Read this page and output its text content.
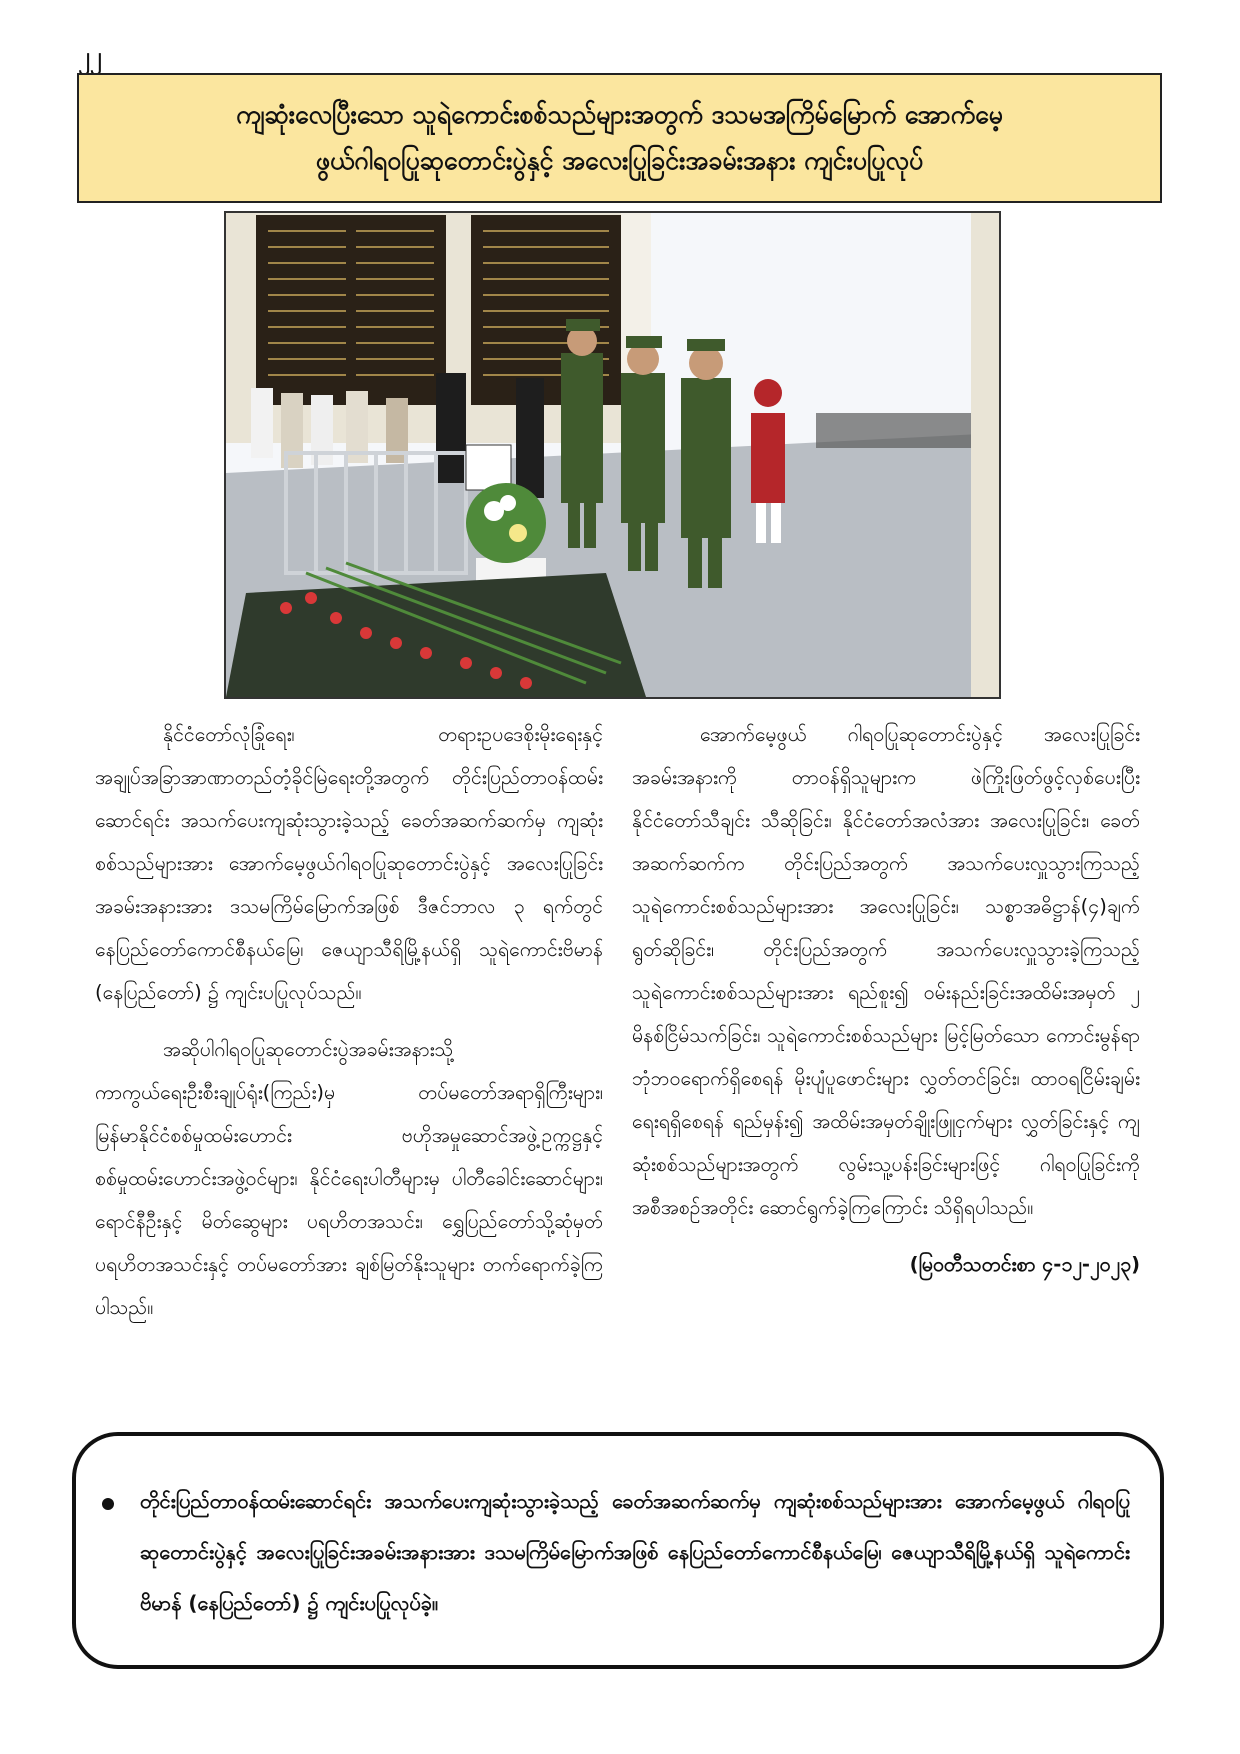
၂၂
ကျဆုံးလေပြီးသော သူရဲကောင်းစစ်သည်များအတွက် ဒသမအကြိမ်မြောက် အောက်မေ့
ဖွယ်ဂါရဝပြုဆုတောင်းပွဲနှင့် အလေးပြုခြင်းအခမ်းအနား ကျင်းပပြုလုပ်

နိုင်ငံတော်လုံခြုံရေး၊ တရားဥပဒေစိုးမိုးရေးနှင့် အချုပ်အခြာအာဏာတည်တံ့ခိုင်မြဲရေးတို့အတွက် တိုင်းပြည်တာဝန်ထမ်းဆောင်ရင်း အသက်ပေးကျဆုံးသွားခဲ့သည့် ခေတ်အဆက်ဆက်မှ ကျဆုံးစစ်သည်များအား အောက်မေ့ဖွယ်ဂါရဝပြုဆုတောင်းပွဲနှင့် အလေးပြုခြင်းအခမ်းအနားအား ဒသမကြိမ်မြောက်အဖြစ် ဒီဇင်ဘာလ ၃ ရက်တွင် နေပြည်တော်ကောင်စီနယ်မြေ၊ ဇေယျာသီရိမြို့နယ်ရှိ သူရဲကောင်းဗိမာန် (နေပြည်တော်) ၌ ကျင်းပပြုလုပ်သည်။

အဆိုပါဂါရဝပြုဆုတောင်းပွဲအခမ်းအနားသို့ ကာကွယ်ရေးဦးစီးချုပ်ရုံး(ကြည်း)မှ တပ်မတော်အရာရှိကြီးများ၊ မြန်မာနိုင်ငံစစ်မှုထမ်းဟောင်း ဗဟိုအမှုဆောင်အဖွဲ့ဥက္ကဋ္ဌနှင့် စစ်မှုထမ်းဟောင်းအဖွဲ့ဝင်များ၊ နိုင်ငံရေးပါတီများမှ ပါတီခေါင်းဆောင်များ၊ ရောင်နီဦးနှင့် မိတ်ဆွေများ ပရဟိတအသင်း၊ ရွှေပြည်တော်သို့ဆုံမှတ်ပရဟိတအသင်းနှင့် တပ်မတော်အား ချစ်မြတ်နိုးသူများ တက်ရောက်ခဲ့ကြပါသည်။

အောက်မေ့ဖွယ် ဂါရဝပြုဆုတောင်းပွဲနှင့် အလေးပြုခြင်းအခမ်းအနားကို တာဝန်ရှိသူများက ဖဲကြိုးဖြတ်ဖွင့်လှစ်ပေးပြီး နိုင်ငံတော်သီချင်း သီဆိုခြင်း၊ နိုင်ငံတော်အလံအား အလေးပြုခြင်း၊ ခေတ်အဆက်ဆက်က တိုင်းပြည်အတွက် အသက်ပေးလှူသွားကြသည့် သူရဲကောင်းစစ်သည်များအား အလေးပြုခြင်း၊ သစ္စာအဓိဋ္ဌာန်(၄)ချက်ရွတ်ဆိုခြင်း၊ တိုင်းပြည်အတွက် အသက်ပေးလှူသွားခဲ့ကြသည့် သူရဲကောင်းစစ်သည်များအား ရည်စူး၍ ဝမ်းနည်းခြင်းအထိမ်းအမှတ် ၂ မိနစ်ငြိမ်သက်ခြင်း၊ သူရဲကောင်းစစ်သည်များ မြင့်မြတ်သော ကောင်းမွန်ရာဘုံဘဝရောက်ရှိစေရန် မိုးပျံပူဖောင်းများ လွှတ်တင်ခြင်း၊ ထာဝရငြိမ်းချမ်းရေးရရှိစေရန် ရည်မှန်း၍ အထိမ်းအမှတ်ချိုးဖြူငှက်များ လွှတ်ခြင်းနှင့် ကျဆုံးစစ်သည်များအတွက် လွမ်းသူ့ပန်းခြင်းများဖြင့် ဂါရဝပြုခြင်းကို အစီအစဉ်အတိုင်း ဆောင်ရွက်ခဲ့ကြကြောင်း သိရှိရပါသည်။

(မြဝတီသတင်းစာ ၄-၁၂-၂၀၂၃)

တိုင်းပြည်တာဝန်ထမ်းဆောင်ရင်း အသက်ပေးကျဆုံးသွားခဲ့သည့် ခေတ်အဆက်ဆက်မှ ကျဆုံးစစ်သည်များအား အောက်မေ့ဖွယ် ဂါရဝပြုဆုတောင်းပွဲနှင့် အလေးပြုခြင်းအခမ်းအနားအား ဒသမကြိမ်မြောက်အဖြစ် နေပြည်တော်ကောင်စီနယ်မြေ၊ ဇေယျာသီရိမြို့နယ်ရှိ သူရဲကောင်းဗိမာန် (နေပြည်တော်) ၌ ကျင်းပပြုလုပ်ခဲ့။
